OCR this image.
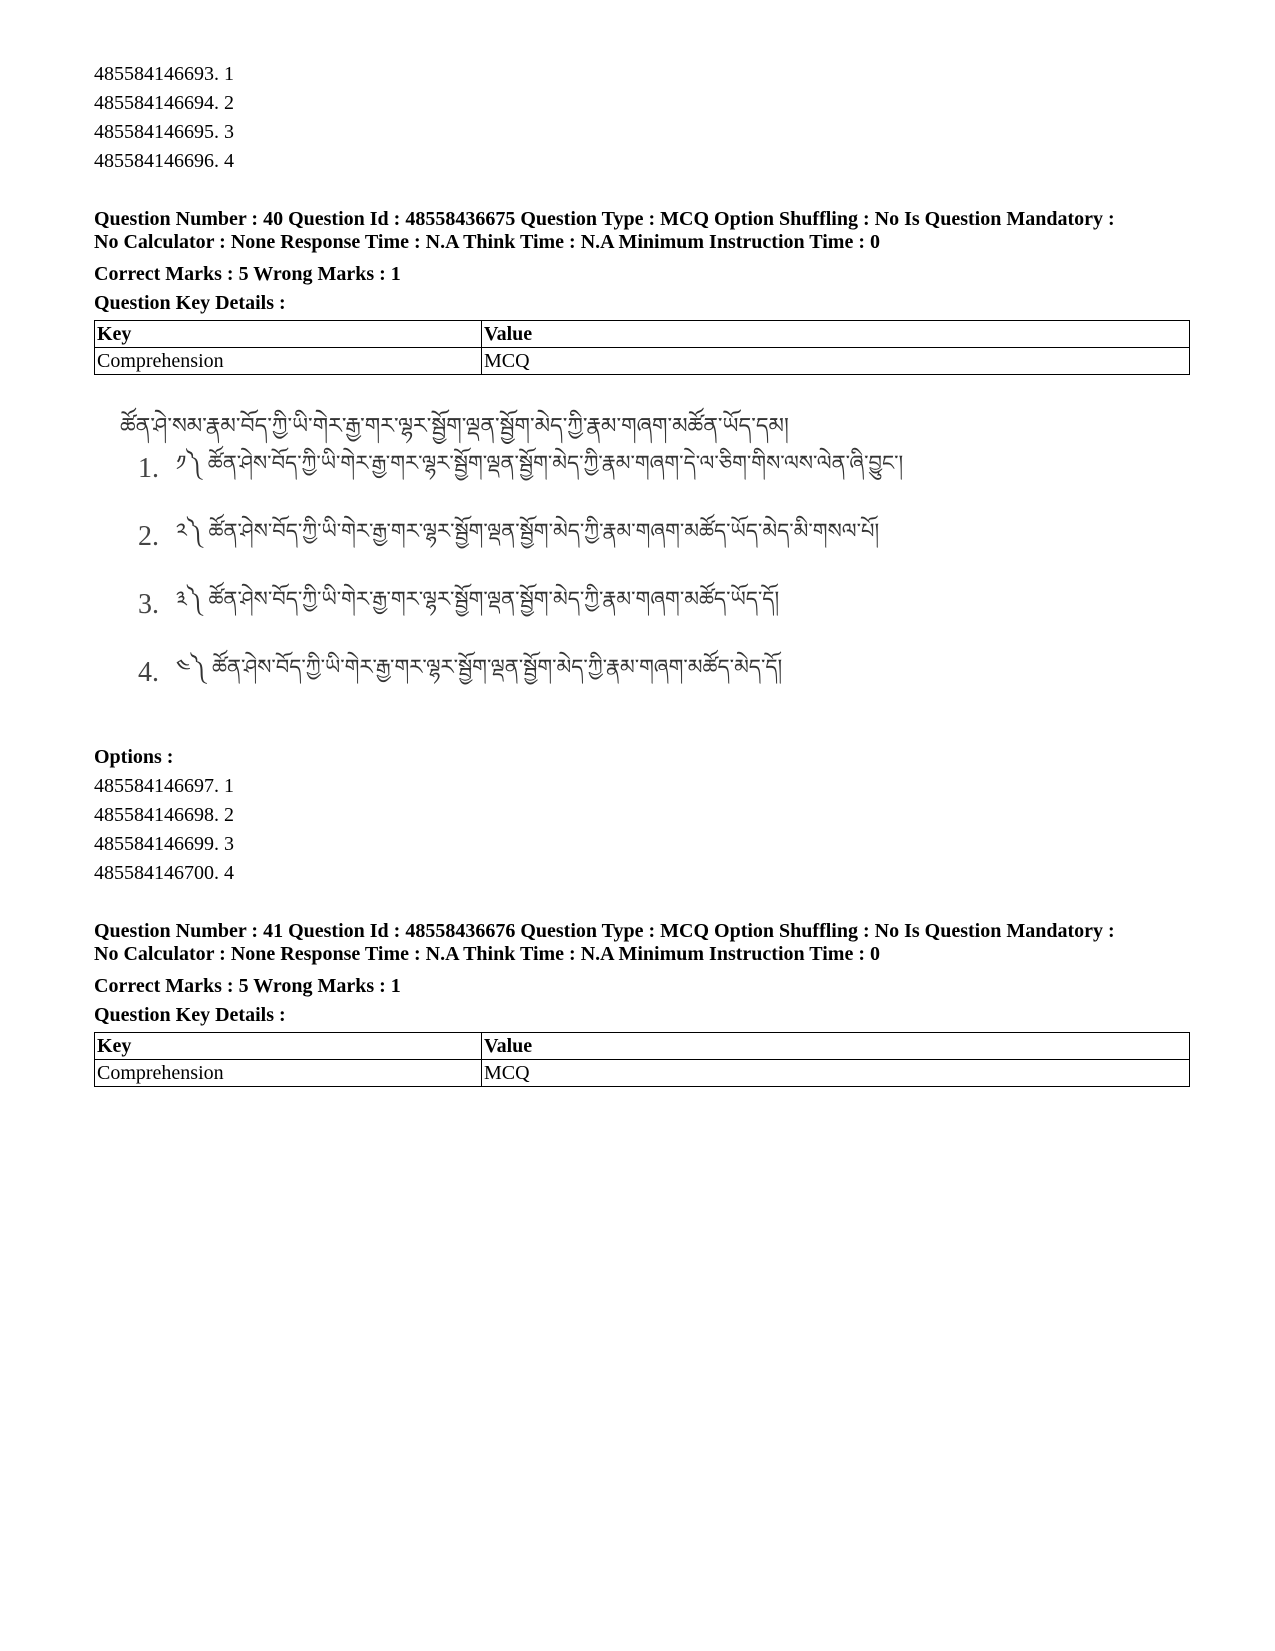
485584146693. 1
485584146694. 2
485584146695. 3
485584146696. 4
Question Number : 40 Question Id : 48558436675 Question Type : MCQ Option Shuffling : No Is Question Mandatory :
No Calculator : None Response Time : N.A Think Time : N.A Minimum Instruction Time : 0
Correct Marks : 5 Wrong Marks : 1
Question Key Details :
Key	Value
Comprehension	MCQ
ཚོན་ཤེ་སམ་རྣམ་བོད་ཀྱི་ཡི་གེར་རྒྱ་གར་ལྷར་སྦྱོག་ལྡན་སྦྱོག་མེད་ཀྱི་རྣམ་གཞག་མཚོན་ཡོད་དམ།
1. ༡༽ ཚོན་ཤེས་བོད་ཀྱི་ཡི་གེར་རྒྱ་གར་ལྷར་སྦྱོག་ལྡན་སྦྱོག་མེད་ཀྱི་རྣམ་གཞག་དེ་ལ་ཅིག་གིས་ལས་ལེན་ཞི་བྱུང་།
2. ༢༽ ཚོན་ཤེས་བོད་ཀྱི་ཡི་གེར་རྒྱ་གར་ལྷར་སྦྱོག་ལྡན་སྦྱོག་མེད་ཀྱི་རྣམ་གཞག་མཚོད་ཡོད་མེད་མི་གསལ་པོ།
3. ༣༽ ཚོན་ཤེས་བོད་ཀྱི་ཡི་གེར་རྒྱ་གར་ལྷར་སྦྱོག་ལྡན་སྦྱོག་མེད་ཀྱི་རྣམ་གཞག་མཚོད་ཡོད་དོ།
4. ༤༽ ཚོན་ཤེས་བོད་ཀྱི་ཡི་གེར་རྒྱ་གར་ལྷར་སྦྱོག་ལྡན་སྦྱོག་མེད་ཀྱི་རྣམ་གཞག་མཚོད་མེད་དོ།
Options :
485584146697. 1
485584146698. 2
485584146699. 3
485584146700. 4
Question Number : 41 Question Id : 48558436676 Question Type : MCQ Option Shuffling : No Is Question Mandatory :
No Calculator : None Response Time : N.A Think Time : N.A Minimum Instruction Time : 0
Correct Marks : 5 Wrong Marks : 1
Question Key Details :
Key	Value
Comprehension	MCQ
